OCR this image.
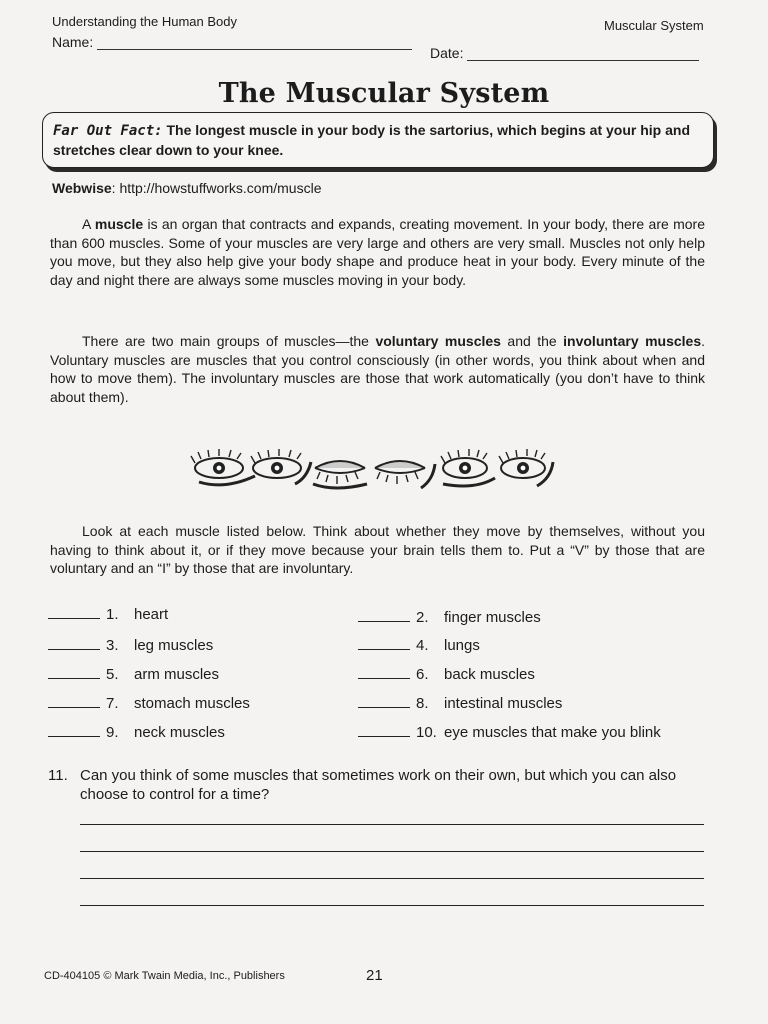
Understanding the Human Body	Muscular System
Name:
Date:
The Muscular System
Far Out Fact: The longest muscle in your body is the sartorius, which begins at your hip and stretches clear down to your knee.
Webwise: http://howstuffworks.com/muscle

A muscle is an organ that contracts and expands, creating movement. In your body, there are more than 600 muscles. Some of your muscles are very large and others are very small. Muscles not only help you move, but they also help give your body shape and produce heat in your body. Every minute of the day and night there are always some muscles moving in your body.

There are two main groups of muscles—the voluntary muscles and the involuntary muscles. Voluntary muscles are muscles that you control consciously (in other words, you think about when and how to move them). The involuntary muscles are those that work automatically (you don’t have to think about them).

Look at each muscle listed below. Think about whether they move by themselves, without you having to think about it, or if they move because your brain tells them to. Put a “V” by those that are voluntary and an “I” by those that are involuntary.

1.	heart	2.	finger muscles
3.	leg muscles	4.	lungs
5.	arm muscles	6.	back muscles
7.	stomach muscles	8.	intestinal muscles
9.	neck muscles	10. eye muscles that make you blink
11. Can you think of some muscles that sometimes work on their own, but which you can also choose to control for a time?
CD-404105 © Mark Twain Media, Inc., Publishers	21
